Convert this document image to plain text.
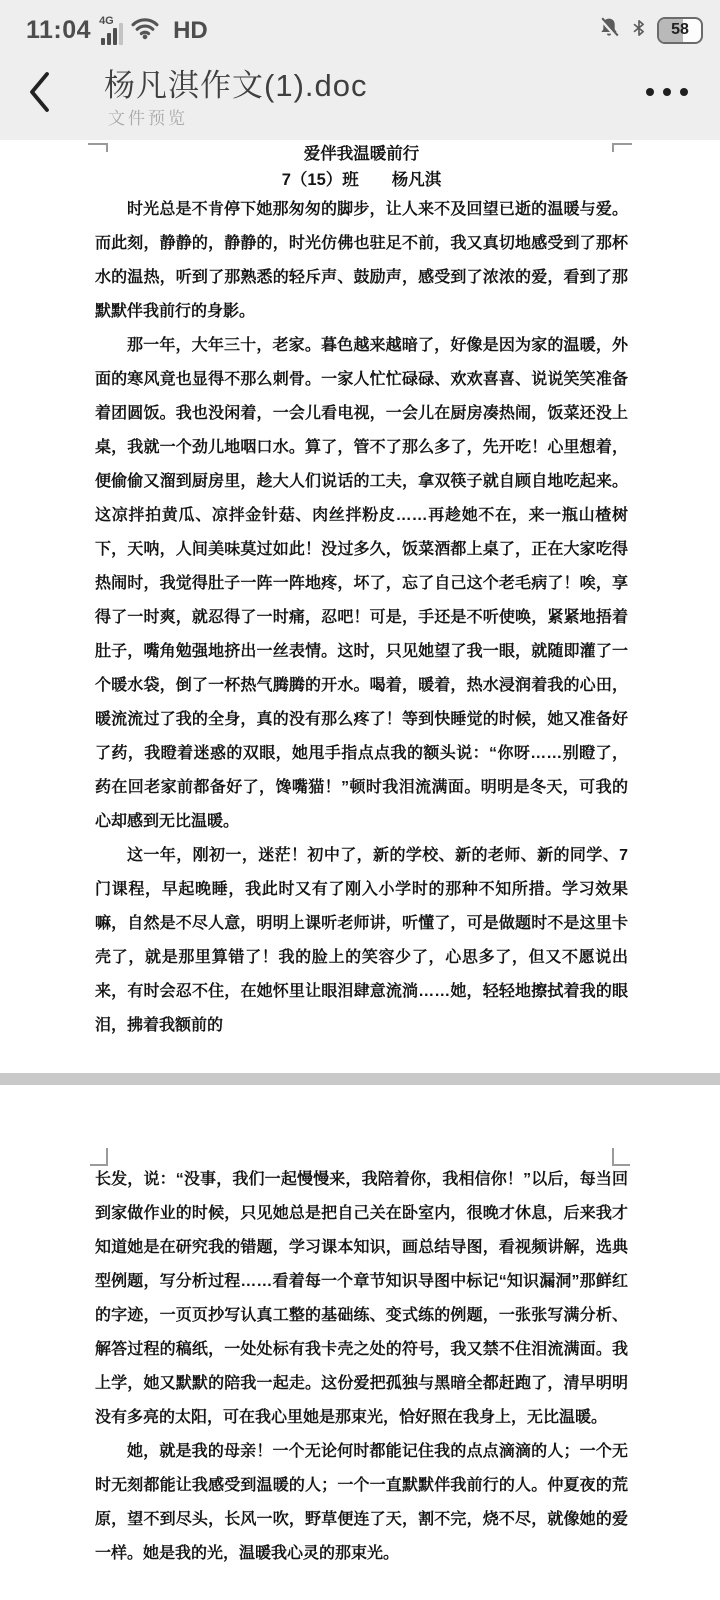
11:04 4G HD	58
杨凡淇作文(1).doc
文件预览
爱伴我温暖前行
7（15）班　　杨凡淇

时光总是不肯停下她那匆匆的脚步，让人来不及回望已逝的温暖与爱。而此刻，静静的，静静的，时光仿佛也驻足不前，我又真切地感受到了那杯水的温热，听到了那熟悉的轻斥声、鼓励声，感受到了浓浓的爱，看到了那默默伴我前行的身影。

那一年，大年三十，老家。暮色越来越暗了，好像是因为家的温暖，外面的寒风竟也显得不那么刺骨。一家人忙忙碌碌、欢欢喜喜、说说笑笑准备着团圆饭。我也没闲着，一会儿看电视，一会儿在厨房凑热闹，饭菜还没上桌，我就一个劲儿地咽口水。算了，管不了那么多了，先开吃！心里想着，便偷偷又溜到厨房里，趁大人们说话的工夫，拿双筷子就自顾自地吃起来。这凉拌拍黄瓜、凉拌金针菇、肉丝拌粉皮……再趁她不在，来一瓶山楂树下，天呐，人间美味莫过如此！没过多久，饭菜酒都上桌了，正在大家吃得热闹时，我觉得肚子一阵一阵地疼，坏了，忘了自己这个老毛病了！唉，享得了一时爽，就忍得了一时痛，忍吧！可是，手还是不听使唤，紧紧地捂着肚子，嘴角勉强地挤出一丝表情。这时，只见她望了我一眼，就随即灌了一个暖水袋，倒了一杯热气腾腾的开水。喝着，暖着，热水浸润着我的心田，暖流流过了我的全身，真的没有那么疼了！等到快睡觉的时候，她又准备好了药，我瞪着迷惑的双眼，她甩手指点点我的额头说：“你呀……别瞪了，药在回老家前都备好了，馋嘴猫！”顿时我泪流满面。明明是冬天，可我的心却感到无比温暖。

这一年，刚初一，迷茫！初中了，新的学校、新的老师、新的同学、7门课程，早起晚睡，我此时又有了刚入小学时的那种不知所措。学习效果嘛，自然是不尽人意，明明上课听老师讲，听懂了，可是做题时不是这里卡壳了，就是那里算错了！我的脸上的笑容少了，心思多了，但又不愿说出来，有时会忍不住，在她怀里让眼泪肆意流淌……她，轻轻地擦拭着我的眼泪，拂着我额前的

长发，说：“没事，我们一起慢慢来，我陪着你，我相信你！”以后，每当回到家做作业的时候，只见她总是把自己关在卧室内，很晚才休息，后来我才知道她是在研究我的错题，学习课本知识，画总结导图，看视频讲解，选典型例题，写分析过程……看着每一个章节知识导图中标记“知识漏洞”那鲜红的字迹，一页页抄写认真工整的基础练、变式练的例题，一张张写满分析、解答过程的稿纸，一处处标有我卡壳之处的符号，我又禁不住泪流满面。我上学，她又默默的陪我一起走。这份爱把孤独与黑暗全都赶跑了，清早明明没有多亮的太阳，可在我心里她是那束光，恰好照在我身上，无比温暖。

她，就是我的母亲！一个无论何时都能记住我的点点滴滴的人；一个无时无刻都能让我感受到温暖的人；一个一直默默伴我前行的人。仲夏夜的荒原，望不到尽头，长风一吹，野草便连了天，割不完，烧不尽，就像她的爱一样。她是我的光，温暖我心灵的那束光。
